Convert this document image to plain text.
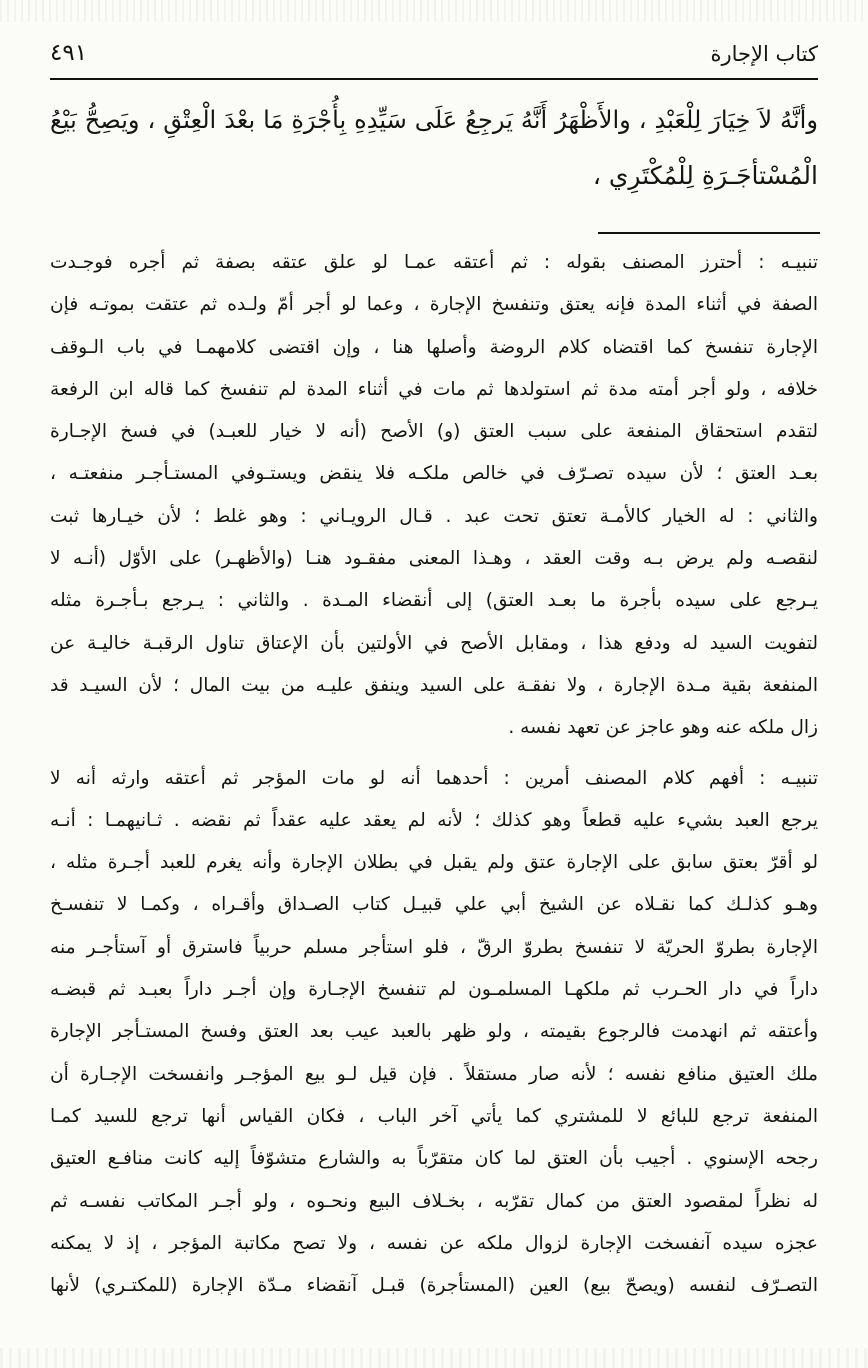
كتاب الإجارة
٤٩١
وأنَّهُ لاَ خِيَارَ لِلْعَبْدِ ، والأَظْهَرُ أَنَّهُ يَرجِعُ عَلَى سَيِّدِهِ بِأُجْرَةِ مَا بعْدَ الْعِتْقِ ، ويَصِحُّ بَيْعُ
الْمُسْتأجَـرَةِ لِلْمُكْتَرِي ،
تنبيـه : أحترز المصنف بقوله : ثم أعتقه عمـا لو علق عتقه بصفة ثم أجره فوجـدت
الصفة في أثناء المدة فإنه يعتق وتنفسخ الإجارة ، وعما لو أجر أمّ ولـده ثم عتقت بموتـه فإن
الإجارة تنفسخ كما اقتضاه كلام الروضة وأصلها هنا ، وإن اقتضى كلامهمـا في باب الـوقف
خلافه ، ولو أجر أمته مدة ثم استولدها ثم مات في أثناء المدة لم تنفسخ كما قاله ابن الرفعة
لتقدم استحقاق المنفعة على سبب العتق (و) الأصح (أنه لا خيار للعبـد) في فسخ الإجـارة
بعـد العتق ؛ لأن سيده تصـرّف في خالص ملكـه فلا ينقض ويستـوفي المستـأجـر منفعتـه ،
والثاني : له الخيار كالأمـة تعتق تحت عبد . قـال الرويـاني : وهو غلط ؛ لأن خيـارها ثبت
لنقصـه ولم يرض بـه وقت العقد ، وهـذا المعنى مفقـود هنـا (والأظهـر) على الأوّل (أنـه لا
يـرجع على سيده بأجرة ما بعـد العتق) إلى أنقضاء المـدة . والثاني : يـرجع بـأجـرة مثله
لتفويت السيد له ودفع هذا ، ومقابل الأصح في الأولتين بأن الإعتاق تناول الرقبـة خاليـة عن
المنفعة بقية مـدة الإجارة ، ولا نفقـة على السيد وينفق عليـه من بيت المال ؛ لأن السيـد قد
زال ملكه عنه وهو عاجز عن تعهد نفسه .
تنبيـه : أفهم كلام المصنف أمرين : أحدهما أنه لو مات المؤجر ثم أعتقه وارثه أنه لا
يرجع العبد بشيء عليه قطعاً وهو كذلك ؛ لأنه لم يعقد عليه عقداً ثم نقضه . ثـانيهمـا : أنـه
لو أقرّ بعتق سابق على الإجارة عتق ولم يقبل في بطلان الإجارة وأنه يغرم للعبد أجـرة مثله ،
وهـو كذلـك كما نقـلاه عن الشيخ أبي علي قبيـل كتاب الصـداق وأقـراه ، وكمـا لا تنفسـخ
الإجارة بطروّ الحريّة لا تنفسخ بطروّ الرقّ ، فلو استأجر مسلم حربياً فاسترق أو آستأجـر منه
داراً في دار الحـرب ثم ملكهـا المسلمـون لم تنفسخ الإجـارة وإن أجـر داراً بعبـد ثم قبضـه
وأعتقه ثم انهدمت فالرجوع بقيمته ، ولو ظهر بالعبد عيب بعد العتق وفسخ المستـأجر الإجارة
ملك العتيق منافع نفسه ؛ لأنه صار مستقلاً . فإن قيل لـو بيع المؤجـر وانفسخت الإجـارة أن
المنفعة ترجع للبائع لا للمشتري كما يأتي آخر الباب ، فكان القياس أنها ترجع للسيد كمـا
رجحه الإسنوي . أجيب بأن العتق لما كان متقرّباً به والشارع متشوّفاً إليه كانت منافـع العتيق
له نظراً لمقصود العتق من كمال تقرّبه ، بخـلاف البيع ونحـوه ، ولو أجـر المكاتب نفسـه ثم
عجزه سيده آنفسخت الإجارة لزوال ملكه عن نفسه ، ولا تصح مكاتبة المؤجر ، إذ لا يمكنه
التصـرّف لنفسه (ويصحّ بيع) العين (المستأجرة) قبـل آنقضاء مـدّة الإجارة (للمكتـري) لأنها
